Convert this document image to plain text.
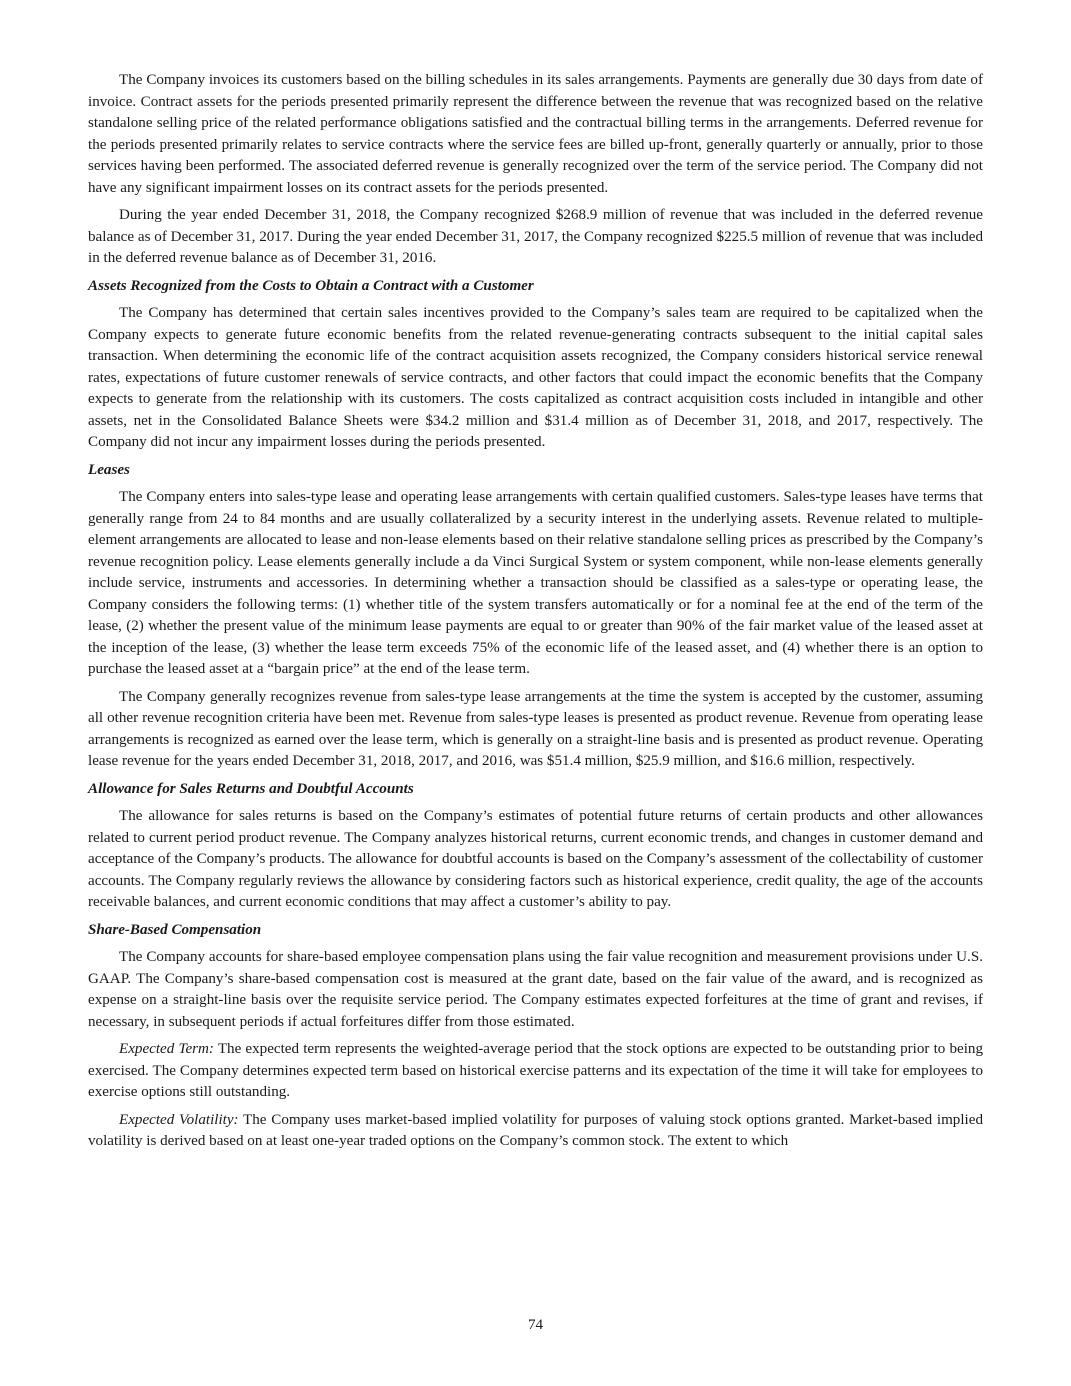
The Company invoices its customers based on the billing schedules in its sales arrangements. Payments are generally due 30 days from date of invoice. Contract assets for the periods presented primarily represent the difference between the revenue that was recognized based on the relative standalone selling price of the related performance obligations satisfied and the contractual billing terms in the arrangements. Deferred revenue for the periods presented primarily relates to service contracts where the service fees are billed up-front, generally quarterly or annually, prior to those services having been performed. The associated deferred revenue is generally recognized over the term of the service period. The Company did not have any significant impairment losses on its contract assets for the periods presented.

During the year ended December 31, 2018, the Company recognized $268.9 million of revenue that was included in the deferred revenue balance as of December 31, 2017. During the year ended December 31, 2017, the Company recognized $225.5 million of revenue that was included in the deferred revenue balance as of December 31, 2016.

Assets Recognized from the Costs to Obtain a Contract with a Customer

The Company has determined that certain sales incentives provided to the Company’s sales team are required to be capitalized when the Company expects to generate future economic benefits from the related revenue-generating contracts subsequent to the initial capital sales transaction. When determining the economic life of the contract acquisition assets recognized, the Company considers historical service renewal rates, expectations of future customer renewals of service contracts, and other factors that could impact the economic benefits that the Company expects to generate from the relationship with its customers. The costs capitalized as contract acquisition costs included in intangible and other assets, net in the Consolidated Balance Sheets were $34.2 million and $31.4 million as of December 31, 2018, and 2017, respectively. The Company did not incur any impairment losses during the periods presented.

Leases

The Company enters into sales-type lease and operating lease arrangements with certain qualified customers. Sales-type leases have terms that generally range from 24 to 84 months and are usually collateralized by a security interest in the underlying assets. Revenue related to multiple-element arrangements are allocated to lease and non-lease elements based on their relative standalone selling prices as prescribed by the Company’s revenue recognition policy. Lease elements generally include a da Vinci Surgical System or system component, while non-lease elements generally include service, instruments and accessories. In determining whether a transaction should be classified as a sales-type or operating lease, the Company considers the following terms: (1) whether title of the system transfers automatically or for a nominal fee at the end of the term of the lease, (2) whether the present value of the minimum lease payments are equal to or greater than 90% of the fair market value of the leased asset at the inception of the lease, (3) whether the lease term exceeds 75% of the economic life of the leased asset, and (4) whether there is an option to purchase the leased asset at a “bargain price” at the end of the lease term.

The Company generally recognizes revenue from sales-type lease arrangements at the time the system is accepted by the customer, assuming all other revenue recognition criteria have been met. Revenue from sales-type leases is presented as product revenue. Revenue from operating lease arrangements is recognized as earned over the lease term, which is generally on a straight-line basis and is presented as product revenue. Operating lease revenue for the years ended December 31, 2018, 2017, and 2016, was $51.4 million, $25.9 million, and $16.6 million, respectively.

Allowance for Sales Returns and Doubtful Accounts

The allowance for sales returns is based on the Company’s estimates of potential future returns of certain products and other allowances related to current period product revenue. The Company analyzes historical returns, current economic trends, and changes in customer demand and acceptance of the Company’s products. The allowance for doubtful accounts is based on the Company’s assessment of the collectability of customer accounts. The Company regularly reviews the allowance by considering factors such as historical experience, credit quality, the age of the accounts receivable balances, and current economic conditions that may affect a customer’s ability to pay.

Share-Based Compensation

The Company accounts for share-based employee compensation plans using the fair value recognition and measurement provisions under U.S. GAAP. The Company’s share-based compensation cost is measured at the grant date, based on the fair value of the award, and is recognized as expense on a straight-line basis over the requisite service period. The Company estimates expected forfeitures at the time of grant and revises, if necessary, in subsequent periods if actual forfeitures differ from those estimated.

Expected Term: The expected term represents the weighted-average period that the stock options are expected to be outstanding prior to being exercised. The Company determines expected term based on historical exercise patterns and its expectation of the time it will take for employees to exercise options still outstanding.

Expected Volatility: The Company uses market-based implied volatility for purposes of valuing stock options granted. Market-based implied volatility is derived based on at least one-year traded options on the Company’s common stock. The extent to which

74
